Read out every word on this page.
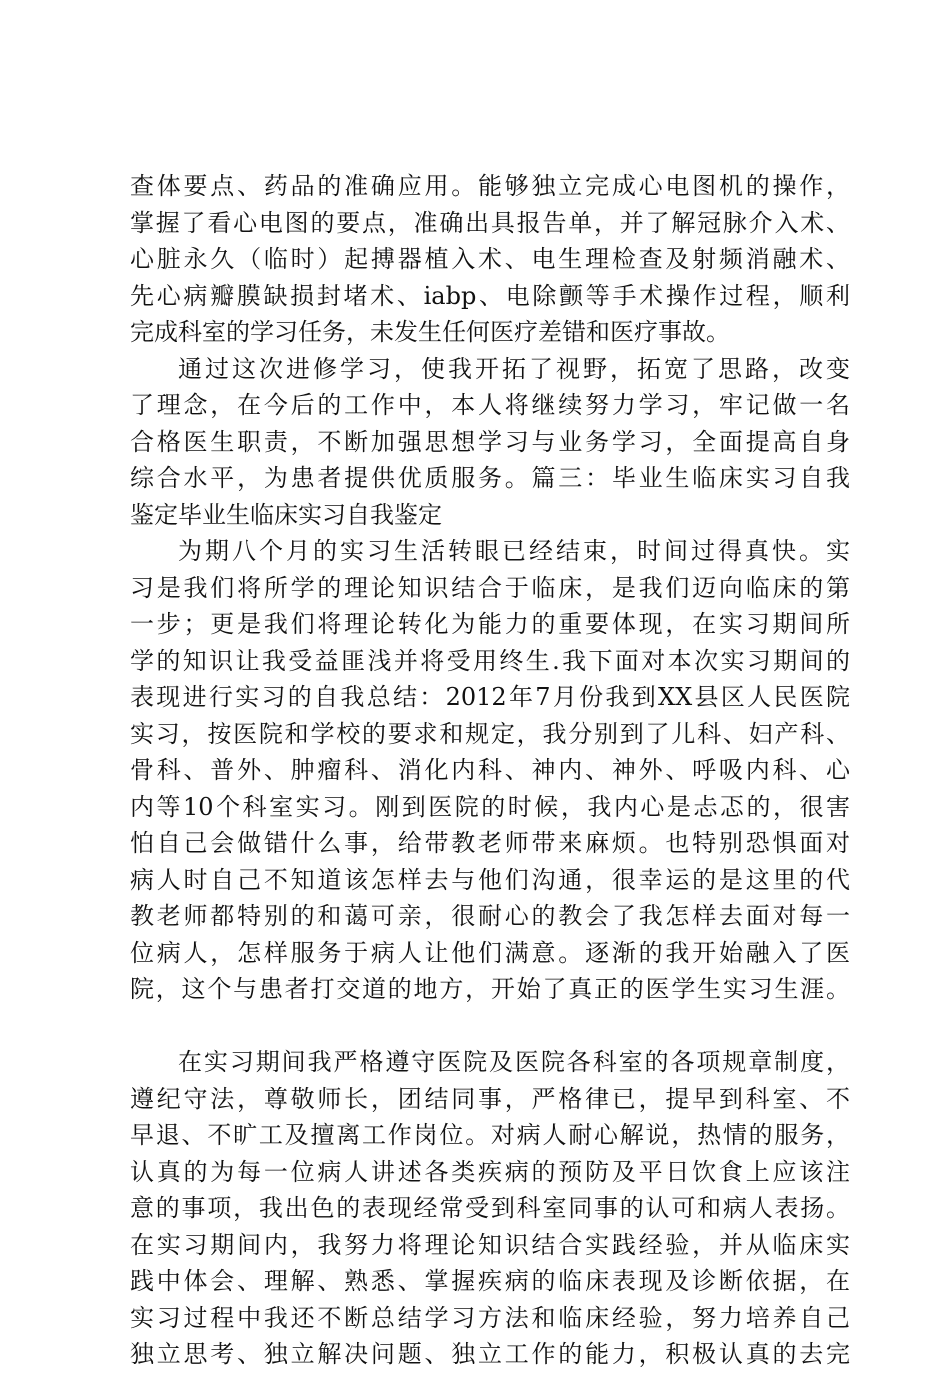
查体要点、药品的准确应用。能够独立完成心电图机的操作，
掌握了看心电图的要点，准确出具报告单，并了解冠脉介入术、
心脏永久（临时）起搏器植入术、电生理检查及射频消融术、
先心病瓣膜缺损封堵术、iabp、电除颤等手术操作过程，顺利
完成科室的学习任务，未发生任何医疗差错和医疗事故。
通过这次进修学习，使我开拓了视野，拓宽了思路，改变
了理念，在今后的工作中，本人将继续努力学习，牢记做一名
合格医生职责，不断加强思想学习与业务学习，全面提高自身
综合水平，为患者提供优质服务。篇三：毕业生临床实习自我
鉴定毕业生临床实习自我鉴定
为期八个月的实习生活转眼已经结束，时间过得真快。实
习是我们将所学的理论知识结合于临床，是我们迈向临床的第
一步；更是我们将理论转化为能力的重要体现，在实习期间所
学的知识让我受益匪浅并将受用终生.我下面对本次实习期间的
表现进行实习的自我总结：2012年7月份我到XX县区人民医院
实习，按医院和学校的要求和规定，我分别到了儿科、妇产科、
骨科、普外、肿瘤科、消化内科、神内、神外、呼吸内科、心
内等10个科室实习。刚到医院的时候，我内心是忐忑的，很害
怕自己会做错什么事，给带教老师带来麻烦。也特别恐惧面对
病人时自己不知道该怎样去与他们沟通，很幸运的是这里的代
教老师都特别的和蔼可亲，很耐心的教会了我怎样去面对每一
位病人，怎样服务于病人让他们满意。逐渐的我开始融入了医
院，这个与患者打交道的地方，开始了真正的医学生实习生涯。
在实习期间我严格遵守医院及医院各科室的各项规章制度，
遵纪守法，尊敬师长，团结同事，严格律已，提早到科室、不
早退、不旷工及擅离工作岗位。对病人耐心解说，热情的服务，
认真的为每一位病人讲述各类疾病的预防及平日饮食上应该注
意的事项，我出色的表现经常受到科室同事的认可和病人表扬。
在实习期间内，我努力将理论知识结合实践经验，并从临床实
践中体会、理解、熟悉、掌握疾病的临床表现及诊断依据，在
实习过程中我还不断总结学习方法和临床经验，努力培养自己
独立思考、独立解决问题、独立工作的能力，积极认真的去完
